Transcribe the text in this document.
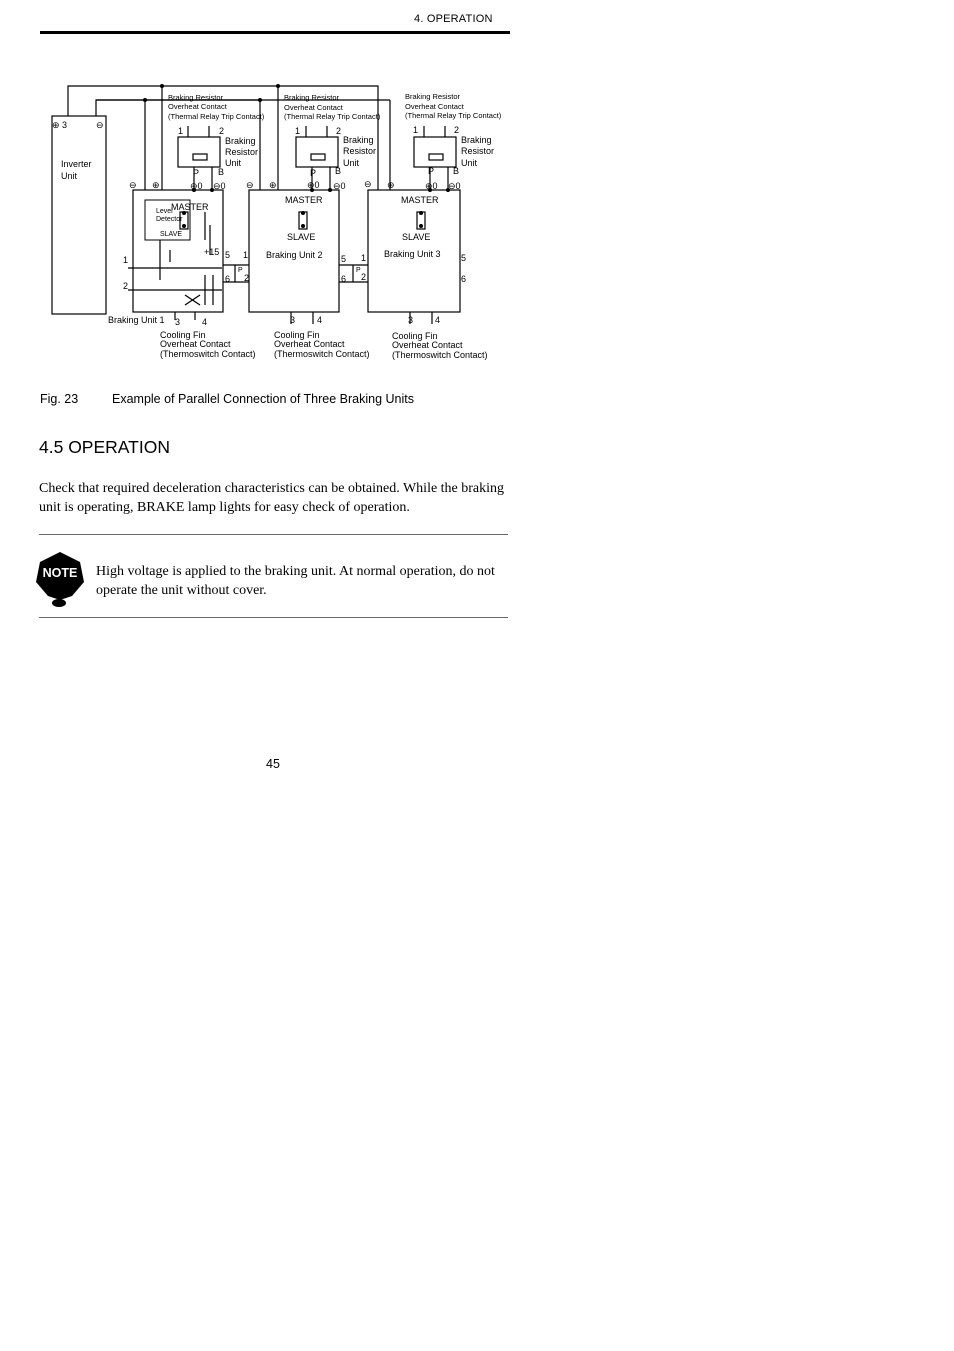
4. OPERATION
⊕ 3	⊖
Inverter
Unit
Braking Resistor
Overheat Contact
(Thermal Relay Trip Contact)
Braking Resistor
Overheat Contact
(Thermal Relay Trip Contact)
Braking Resistor
Overheat Contact
(Thermal Relay Trip Contact)
1	2	1	2	1	2
Braking
Resistor
Unit
Braking
Resistor
Unit
Braking
Resistor
Unit
P B	P B	P B
⊖ ⊕	⊕0 ⊖0 ⊖ ⊕	⊕0 ⊖0 ⊖ ⊕	⊕0 ⊖0
MASTER
MASTER	MASTER
SLAVE	SLAVE
Braking Unit 2	Braking Unit 3
Braking Unit 1
+15 5 1
6 2
1
2
5
6
1
2
5
6
3 4	3 4	3 4
Cooling Fin
Overheat Contact
(Thermoswitch Contact)
Cooling Fin
Overheat Contact
(Thermoswitch Contact)
Cooling Fin
Overheat Contact
(Thermoswitch Contact)
SLAVE
Level
Detector
P	P
Fig. 23	Example of Parallel Connection of Three Braking Units
4.5 OPERATION
Check that required deceleration characteristics can be obtained. While the braking unit is operating, BRAKE lamp lights for easy check of operation.
NOTE High voltage is applied to the braking unit. At normal operation, do not operate the unit without cover.
45
